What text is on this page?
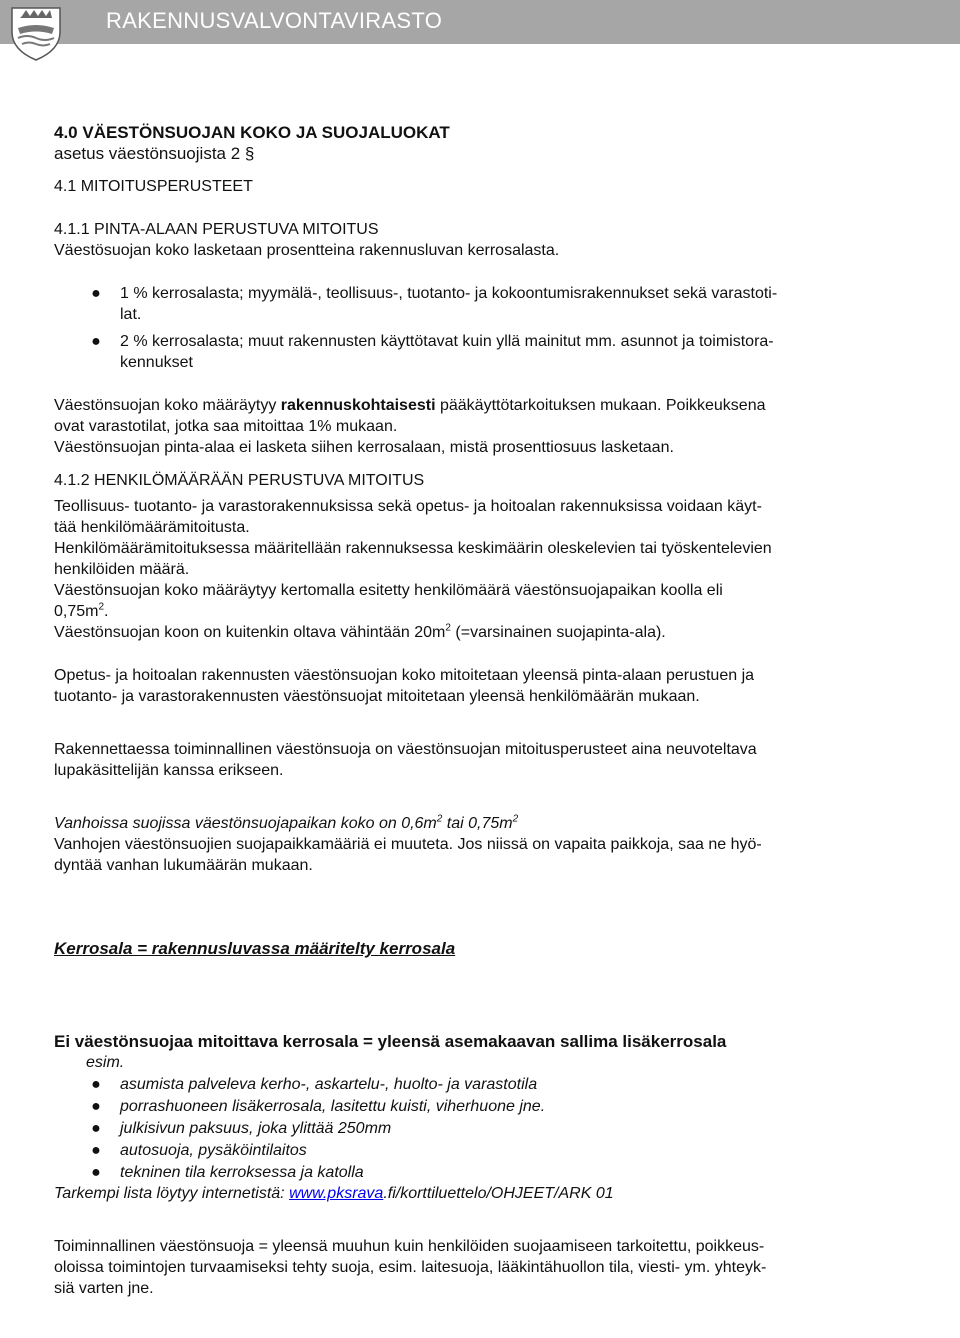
RAKENNUSVALVONTAVIRASTO

4.0 VÄESTÖNSUOJAN KOKO JA SUOJALUOKAT

asetus väestönsuojista 2 §

4.1 MITOITUSPERUSTEET

4.1.1 PINTA-ALAAN PERUSTUVA MITOITUS

Väestösuojan koko lasketaan prosentteina rakennusluvan kerrosalasta.

● 1 % kerrosalasta; myymälä-, teollisuus-, tuotanto- ja kokoontumisrakennukset sekä varastoti-
lat.
● 2 % kerrosalasta; muut rakennusten käyttötavat kuin yllä mainitut mm. asunnot ja toimistora-
kennukset

Väestönsuojan koko määräytyy rakennuskohtaisesti pääkäyttötarkoituksen mukaan. Poikkeuksena

ovat varastotilat, jotka saa mitoittaa 1% mukaan.

Väestönsuojan pinta-alaa ei lasketa siihen kerrosalaan, mistä prosenttiosuus lasketaan.

4.1.2 HENKILÖMÄÄRÄÄN PERUSTUVA MITOITUS

Teollisuus- tuotanto- ja varastorakennuksissa sekä opetus- ja hoitoalan rakennuksissa voidaan käyt-

tää henkilömäärämitoitusta.

Henkilömäärämitoituksessa määritellään rakennuksessa keskimäärin oleskelevien tai työskentelevien

henkilöiden määrä.

Väestönsuojan koko määräytyy kertomalla esitetty henkilömäärä väestönsuojapaikan koolla eli

$0,75m^2$.

Väestönsuojan koon on kuitenkin oltava vähintään $20m^2$ (=varsinainen suojapinta-ala).

Opetus- ja hoitoalan rakennusten väestönsuojan koko mitoitetaan yleensä pinta-alaan perustuen ja

tuotanto- ja varastorakennusten väestönsuojat mitoitetaan yleensä henkilömäärän mukaan.

Rakennettaessa toiminnallinen väestönsuoja on väestönsuojan mitoitusperusteet aina neuvoteltava

lupakäsittelijän kanssa erikseen.

Vanhoissa suojissa väestönsuojapaikan koko on $0,6m^2$ tai $0,75m^2$

Vanhojen väestönsuojien suojapaikkamääriä ei muuteta. Jos niissä on vapaita paikkoja, saa ne hyö-

dyntää vanhan lukumäärän mukaan.

Kerrosala = rakennusluvassa määritelty kerrosala

Ei väestönsuojaa mitoittava kerrosala = yleensä asemakaavan sallima lisäkerrosala

esim.

● asumista palveleva kerho-, askartelu-, huolto- ja varastotila
● porrashuoneen lisäkerrosala, lasitettu kuisti, viherhuone jne.
● julkisivun paksuus, joka ylittää 250mm
● autosuoja, pysäköintilaitos
● tekninen tila kerroksessa ja katolla

Tarkempi lista löytyy internetistä: www.pksrava.fi/korttiluettelo/OHJEET/ARK 01

Toiminnallinen väestönsuoja = yleensä muuhun kuin henkilöiden suojaamiseen tarkoitettu, poikkeus-

oloissa toimintojen turvaamiseksi tehty suoja, esim. laitesuoja, lääkintähuollon tila, viesti- ym. yhteyk-

siä varten jne.
